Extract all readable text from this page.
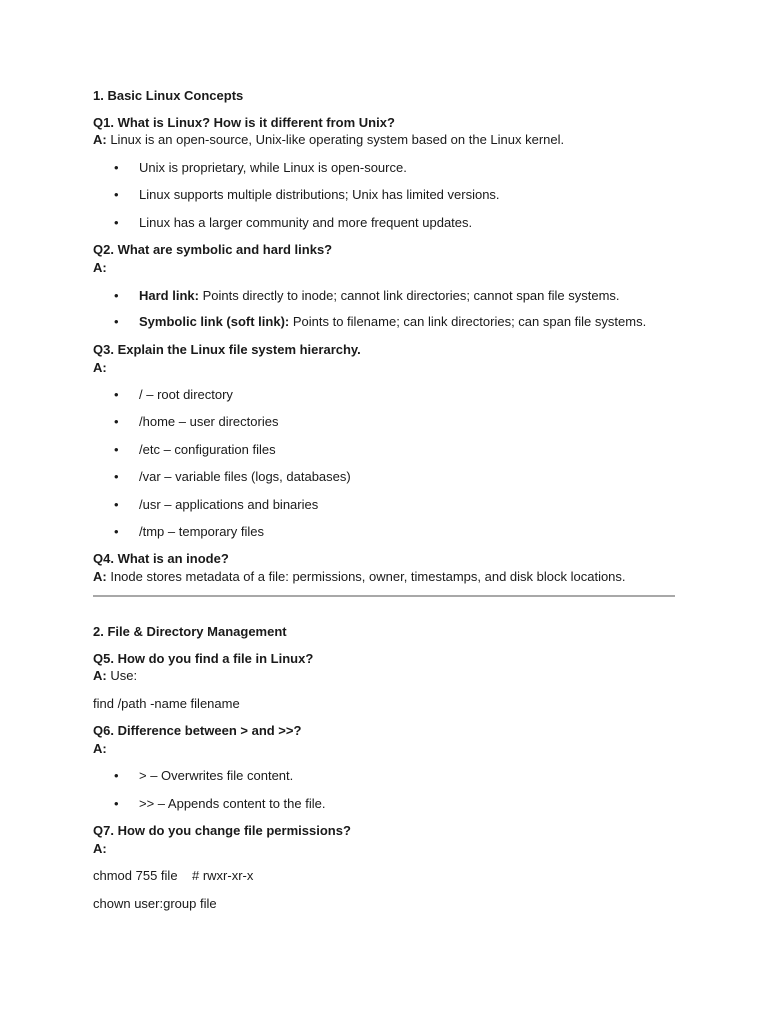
1. Basic Linux Concepts
Q1. What is Linux? How is it different from Unix?
A: Linux is an open-source, Unix-like operating system based on the Linux kernel.
• Unix is proprietary, while Linux is open-source.
• Linux supports multiple distributions; Unix has limited versions.
• Linux has a larger community and more frequent updates.
Q2. What are symbolic and hard links?
A:
• Hard link: Points directly to inode; cannot link directories; cannot span file systems.
• Symbolic link (soft link): Points to filename; can link directories; can span file systems.
Q3. Explain the Linux file system hierarchy.
A:
• / – root directory
• /home – user directories
• /etc – configuration files
• /var – variable files (logs, databases)
• /usr – applications and binaries
• /tmp – temporary files
Q4. What is an inode?
A: Inode stores metadata of a file: permissions, owner, timestamps, and disk block locations.
2. File & Directory Management
Q5. How do you find a file in Linux?
A: Use:
find /path -name filename
Q6. Difference between > and >>?
A:
• > – Overwrites file content.
• >> – Appends content to the file.
Q7. How do you change file permissions?
A:
chmod 755 file    # rwxr-xr-x
chown user:group file
